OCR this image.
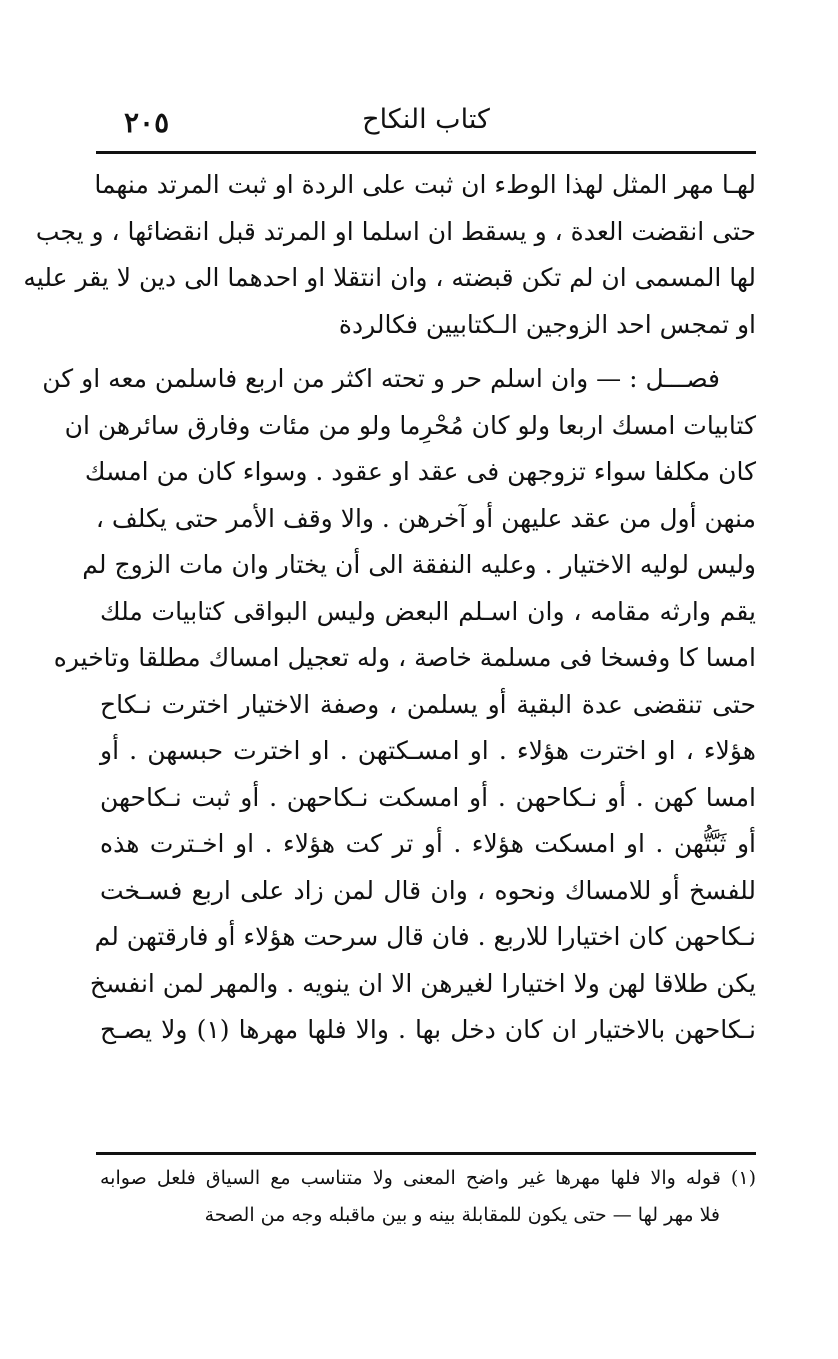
٢٠٥	كتاب النكاح
لهـا مهر المثل لهذا الوطء ان ثبت على الردة او ثبت المرتد منهما
حتى انقضت العدة ، و يسقط ان اسلما او المرتد قبل انقضائها ، و يجب
لها المسمى ان لم تكن قبضته ، وان انتقلا او احدهما الى دين لا يقر عليه
او تمجس احد الزوجين الـكتابيين فكالردة
فصـــل : — وان اسلم حر و تحته اكثر من اربع فاسلمن معه او كن
كتابيات امسك اربعا ولو كان مُحْرِما ولو من مئات وفارق سائرهن ان
كان مكلفا سواء تزوجهن فى عقد او عقود . وسواء كان من امسك
منهن أول من عقد عليهن أو آخرهن . والا وقف الأمر حتى يكلف ،
وليس لوليه الاختيار . وعليه النفقة الى أن يختار وان مات الزوج لم
يقم وارثه مقامه ، وان اسـلم البعض وليس البواقى كتابيات ملك
امسا كا وفسخا فى مسلمة خاصة ، وله تعجيل امساك مطلقا وتاخيره
حتى تنقضى عدة البقية أو يسلمن ، وصفة الاختيار اخترت نـكاح
هؤلاء ، او اخترت هؤلاء . او امسـكتهن . او اخترت حبسهن . أو
امسا كهن . أو نـكاحهن . أو امسكت نـكاحهن . أو ثبت نـكاحهن
أو ثَبَّتُّهن . او امسكت هؤلاء . أو تر كت هؤلاء . او اخـترت هذه
للفسخ أو للامساك ونحوه ، وان قال لمن زاد على اربع فسـخت
نـكاحهن كان اختيارا للاربع . فان قال سرحت هؤلاء أو فارقتهن لم
يكن طلاقا لهن ولا اختيارا لغيرهن الا ان ينويه . والمهر لمن انفسخ
نـكاحهن بالاختيار ان كان دخل بها . والا فلها مهرها (١) ولا يصـح
(١) قوله والا فلها مهرها غير واضح المعنى ولا متناسب مع السياق فلعل صوابه
فلا مهر لها — حتى يكون للمقابلة بينه و بين ماقبله وجه من الصحة
